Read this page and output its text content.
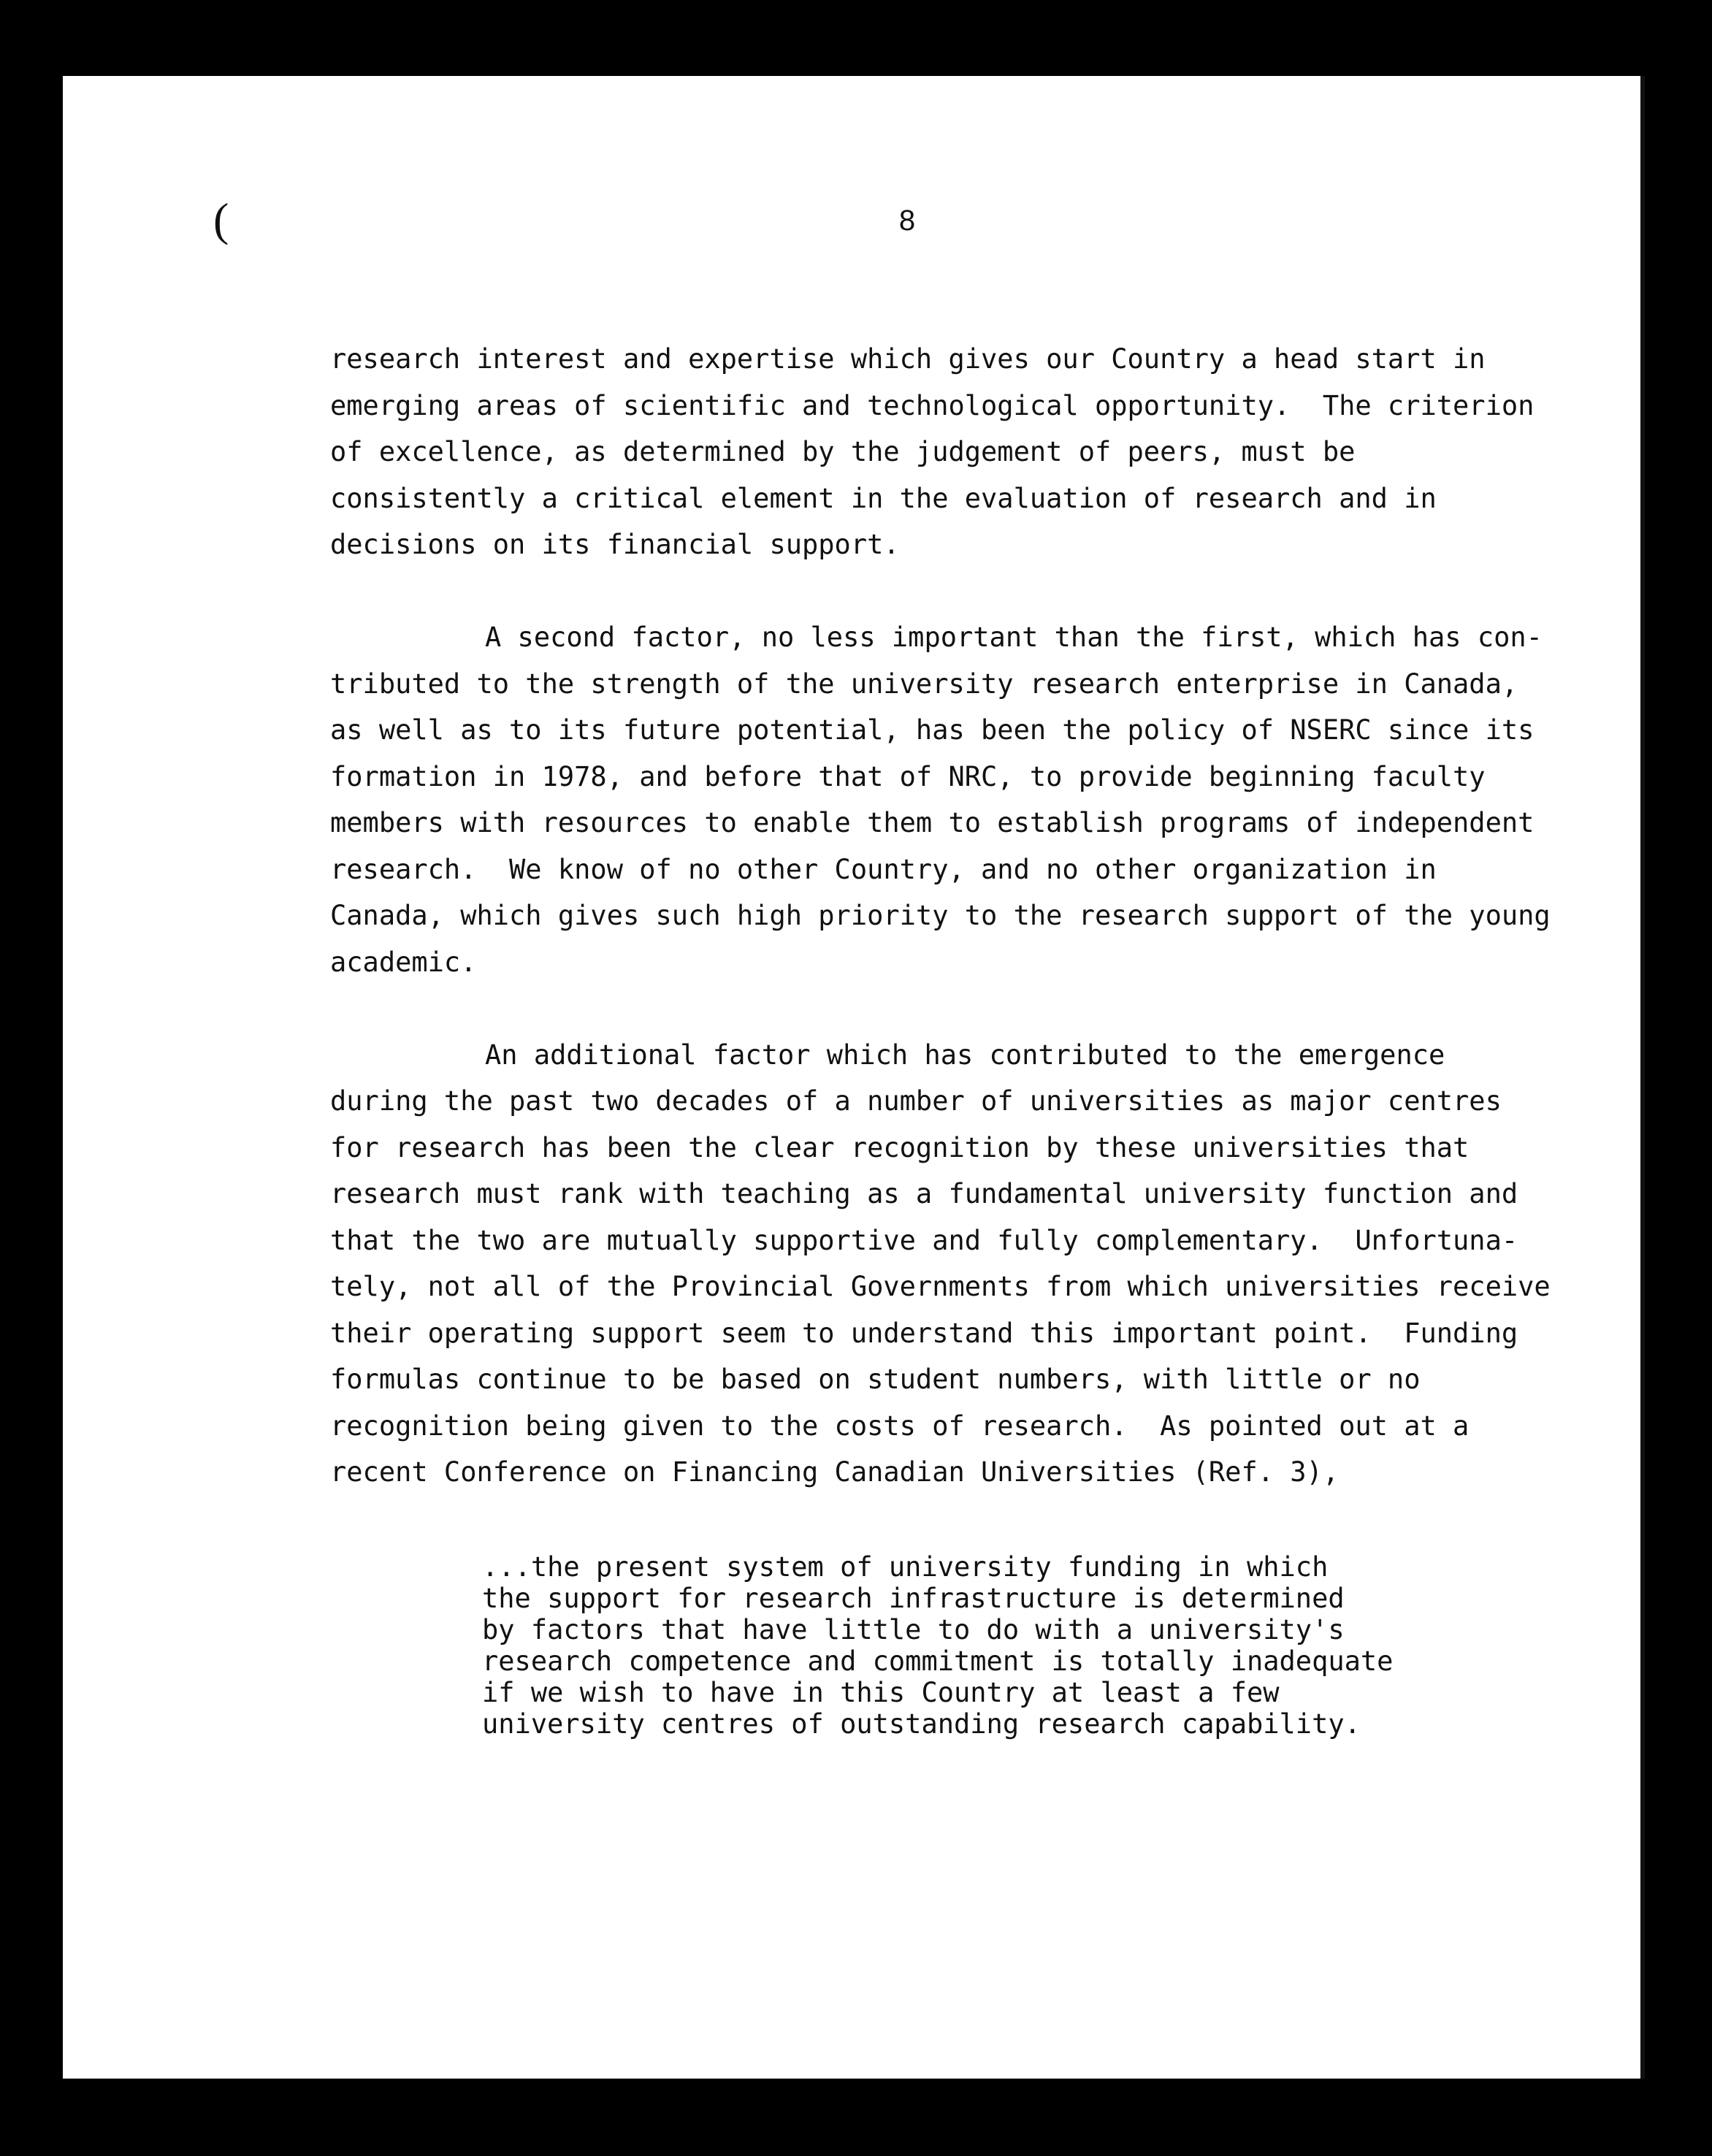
(	8
research interest and expertise which gives our Country a head start in
emerging areas of scientific and technological opportunity.  The criterion
of excellence, as determined by the judgement of peers, must be
consistently a critical element in the evaluation of research and in
decisions on its financial support.
A second factor, no less important than the first, which has con-
tributed to the strength of the university research enterprise in Canada,
as well as to its future potential, has been the policy of NSERC since its
formation in 1978, and before that of NRC, to provide beginning faculty
members with resources to enable them to establish programs of independent
research.  We know of no other Country, and no other organization in
Canada, which gives such high priority to the research support of the young
academic.
An additional factor which has contributed to the emergence
during the past two decades of a number of universities as major centres
for research has been the clear recognition by these universities that
research must rank with teaching as a fundamental university function and
that the two are mutually supportive and fully complementary.  Unfortuna-
tely, not all of the Provincial Governments from which universities receive
their operating support seem to understand this important point.  Funding
formulas continue to be based on student numbers, with little or no
recognition being given to the costs of research.  As pointed out at a
recent Conference on Financing Canadian Universities (Ref. 3),
...the present system of university funding in which
the support for research infrastructure is determined
by factors that have little to do with a university's
research competence and commitment is totally inadequate
if we wish to have in this Country at least a few
university centres of outstanding research capability.
